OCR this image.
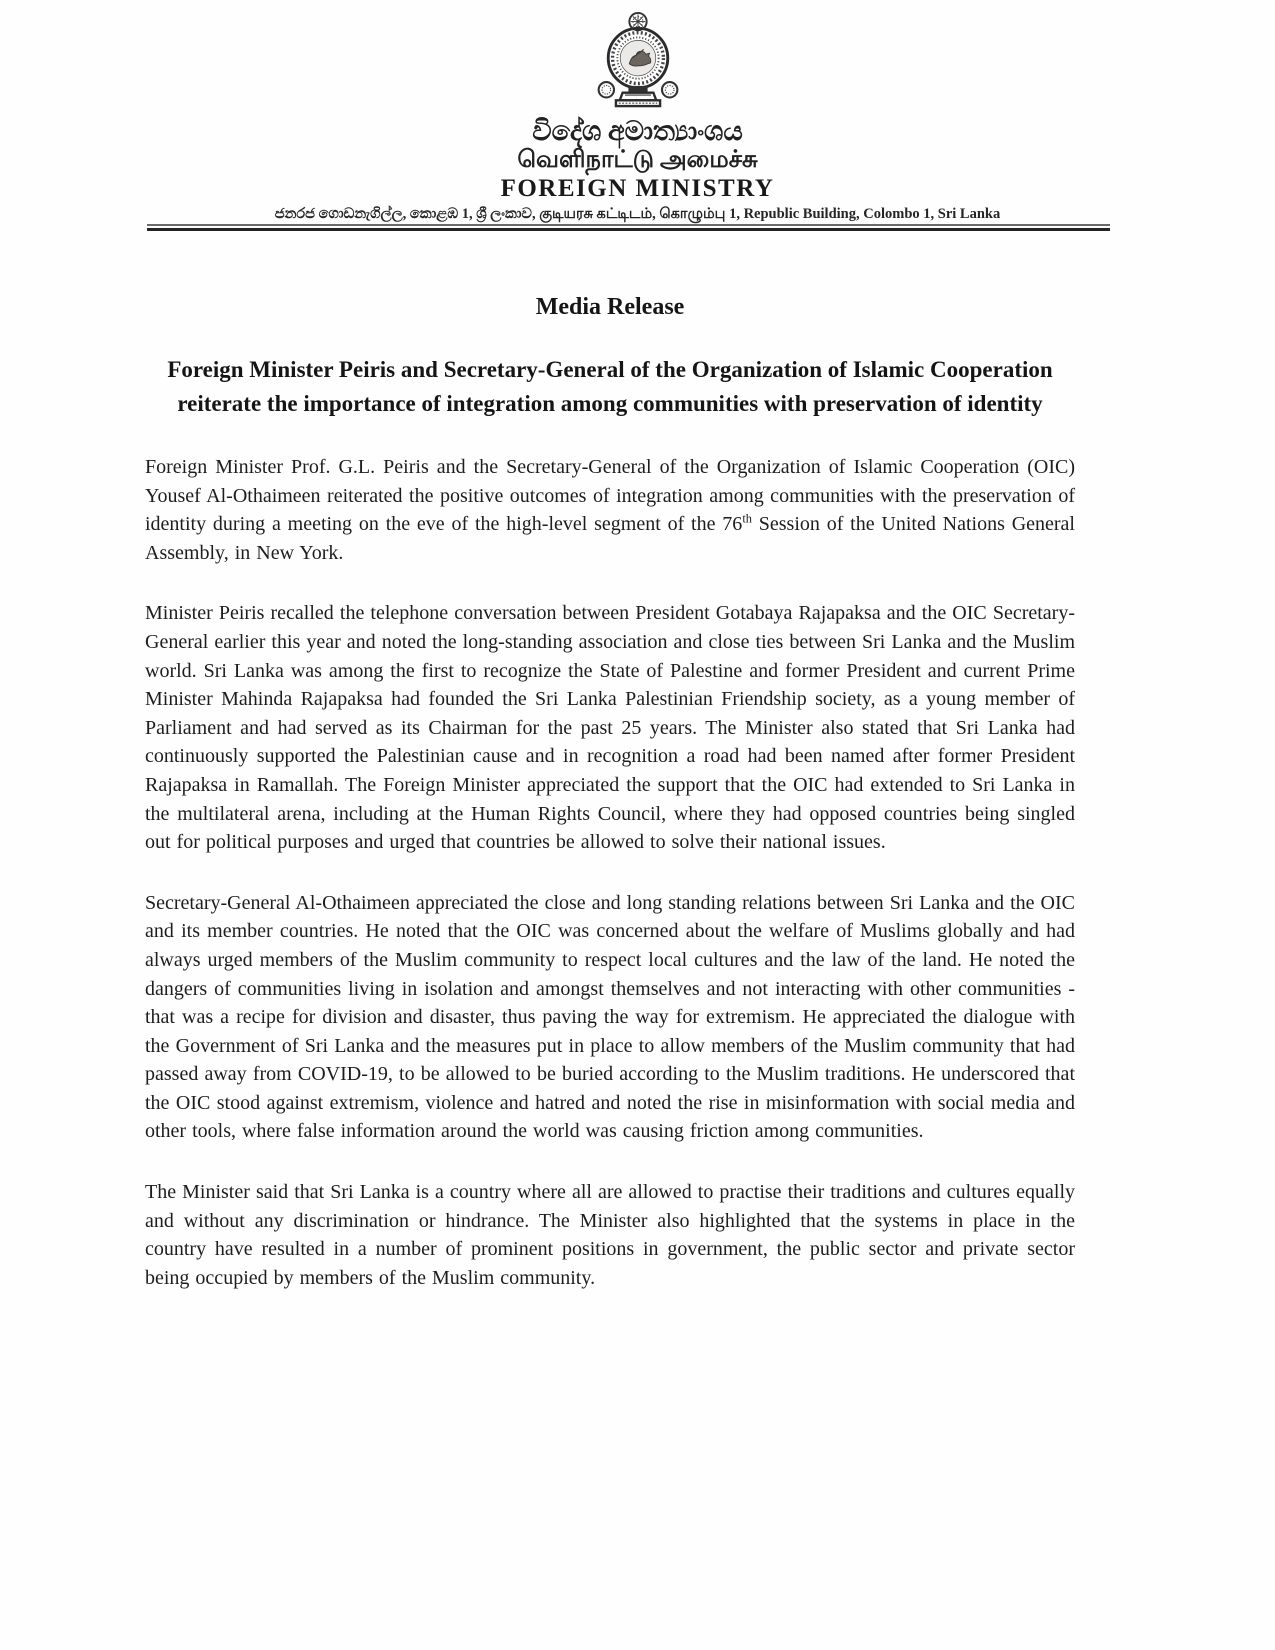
විදේශ අමාත්‍යාංශය
வெளிநாட்டு அமைச்சு
FOREIGN MINISTRY
ජනරජ ගොඩනැගිල්ල, කොළඹ 1, ශ්‍රී ලංකාව, குடியரசு கட்டிடம், கொழும்பு 1, Republic Building, Colombo 1, Sri Lanka
Media Release
Foreign Minister Peiris and Secretary-General of the Organization of Islamic Cooperation reiterate the importance of integration among communities with preservation of identity

Foreign Minister Prof. G.L. Peiris and the Secretary-General of the Organization of Islamic Cooperation (OIC) Yousef Al-Othaimeen reiterated the positive outcomes of integration among communities with the preservation of identity during a meeting on the eve of the high-level segment of the 76th Session of the United Nations General Assembly, in New York.

Minister Peiris recalled the telephone conversation between President Gotabaya Rajapaksa and the OIC Secretary-General earlier this year and noted the long-standing association and close ties between Sri Lanka and the Muslim world. Sri Lanka was among the first to recognize the State of Palestine and former President and current Prime Minister Mahinda Rajapaksa had founded the Sri Lanka Palestinian Friendship society, as a young member of Parliament and had served as its Chairman for the past 25 years. The Minister also stated that Sri Lanka had continuously supported the Palestinian cause and in recognition a road had been named after former President Rajapaksa in Ramallah. The Foreign Minister appreciated the support that the OIC had extended to Sri Lanka in the multilateral arena, including at the Human Rights Council, where they had opposed countries being singled out for political purposes and urged that countries be allowed to solve their national issues.

Secretary-General Al-Othaimeen appreciated the close and long standing relations between Sri Lanka and the OIC and its member countries. He noted that the OIC was concerned about the welfare of Muslims globally and had always urged members of the Muslim community to respect local cultures and the law of the land. He noted the dangers of communities living in isolation and amongst themselves and not interacting with other communities - that was a recipe for division and disaster, thus paving the way for extremism. He appreciated the dialogue with the Government of Sri Lanka and the measures put in place to allow members of the Muslim community that had passed away from COVID-19, to be allowed to be buried according to the Muslim traditions. He underscored that the OIC stood against extremism, violence and hatred and noted the rise in misinformation with social media and other tools, where false information around the world was causing friction among communities.

The Minister said that Sri Lanka is a country where all are allowed to practise their traditions and cultures equally and without any discrimination or hindrance. The Minister also highlighted that the systems in place in the country have resulted in a number of prominent positions in government, the public sector and private sector being occupied by members of the Muslim community.
